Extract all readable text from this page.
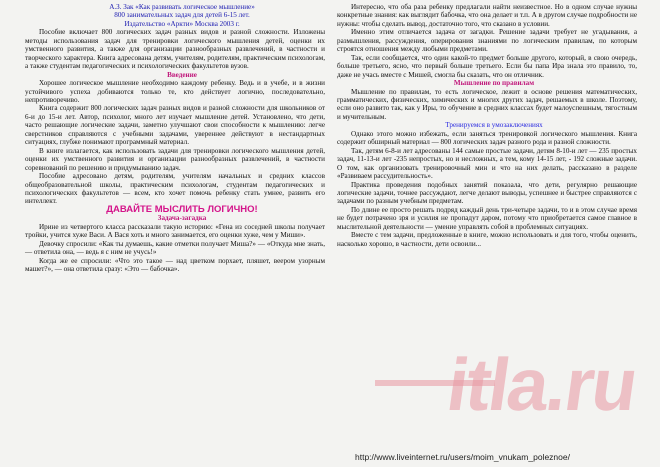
А.З. Зак «Как развивать логическое мышление»

800 занимательных задач для детей 6-15 лет.

Издательство «Аркти» Москва 2003 г.

Пособие включает 800 логических задач разных видов и разной сложности. Изложены методы использования задач для тренировки логического мышления детей, оценки их умственного развития, а также для организации разнообразных развлечений, в частности и творческого характера. Книга адресована детям, учителям, родителям, практическим психологам, а также студентам педагогических и психологических факультетов вузов.

Введение

Хорошее логическое мышление необходимо каждому ребенку. Ведь и в учебе, и в жизни устойчивого успеха добиваются только те, кто действует логично, последовательно, непротиворечиво.

Книга содержит 800 логических задач разных видов и разной сложности для школьников от 6-и до 15-и лет. Автор, психолог, много лет изучает мышление детей. Установлено, что дети, часто решающие логические задачи, заметно улучшают свои способности к мышлению: легче сверстников справляются с учебными задачами, увереннее действуют в нестандартных ситуациях, глубже понимают программный материал.

В книге излагается, как использовать задачи для тренировки логического мышления детей, оценки их умственного развития и организации разнообразных развлечений, в частности соревнований по решению и придумыванию задач.

Пособие адресовано детям, родителям, учителям начальных и средних классов общеобразовательной школы, практическим психологам, студентам педагогических и психологических факультетов — всем, кто хочет помочь ребенку стать умнее, развить его интеллект.

ДАВАЙТЕ МЫСЛИТЬ ЛОГИЧНО!

Задача-загадка

Ирине из четвертого класса рассказали такую историю: «Гена из соседней школы получает тройки, учится хуже Васи. А Вася хоть и много занимается, его оценки хуже, чем у Миши».

Девочку спросили: «Как ты думаешь, какие отметки получает Миша?» — «Откуда мне знать, — ответила она, — ведь я с ним не учусь!»

Когда же ее спросили: «Что это такое — над цветком порхает, пляшет, веером узорным машет?», — она ответила сразу: «Это — бабочка».

Интересно, что оба раза ребенку предлагали найти неизвестное. Но в одном случае нужны конкретные знания: как выглядит бабочка, что она делает и т.п. А в другом случае подробности не нужны: чтобы сделать вывод, достаточно того, что сказано в условии.

Именно этим отличается задача от загадки. Решение задачи требует не угадывания, а размышления, рассуждения, оперирования знаниями по логическим правилам, по которым строятся отношения между любыми предметами.

Так, если сообщается, что один какой-то предмет больше другого, который, в свою очередь, больше третьего, ясно, что первый больше третьего. Если бы папа Ира знала это правило, то, даже не учась вместе с Мишей, смогла бы сказать, что он отличник.

Мышление по правилам

Мышление по правилам, то есть логическое, лежит в основе решения математических, грамматических, физических, химических и многих других задач, решаемых в школе. Поэтому, если оно развито так, как у Иры, то обучение в средних классах будет малоуспешным, тягостным и мучительным.

Тренируемся в умозаключениях

Однако этого можно избежать, если заняться тренировкой логического мышления. Книга содержит обширный материал — 800 логических задач разного рода и разной сложности.

Так, детям 6-8-и лет адресованы 144 самые простые задачи, детям 8-10-и лет — 235 простых задач, 11-13-и лет -235 непростых, но и несложных, а тем, кому 14-15 лет, - 192 сложные задачи. О том, как организовать тренировочный мин и что на них делать, рассказано в разделе «Развиваем рассудительность».

Практика проведения подобных занятий показала, что дети, регулярно решающие логические задачи, точнее рассуждают, легче делают выводы, успешнее и быстрее справляются с задачами по разным учебным предметам.

По длине ее просто решать подряд каждый день три-четыре задачи, то и в этом случае время не будет потрачено зря и усилия не пропадут даром, потому что приобретается самое главное в мыслительной деятельности — умение управлять собой в проблемных ситуациях.

Вместе с тем задачи, предложенные в книге, можно использовать и для того, чтобы оценить, насколько хорошо, в частности, дети освоили...

itla.ru
http://www.liveinternet.ru/users/moim_vnukam_poleznoe/
